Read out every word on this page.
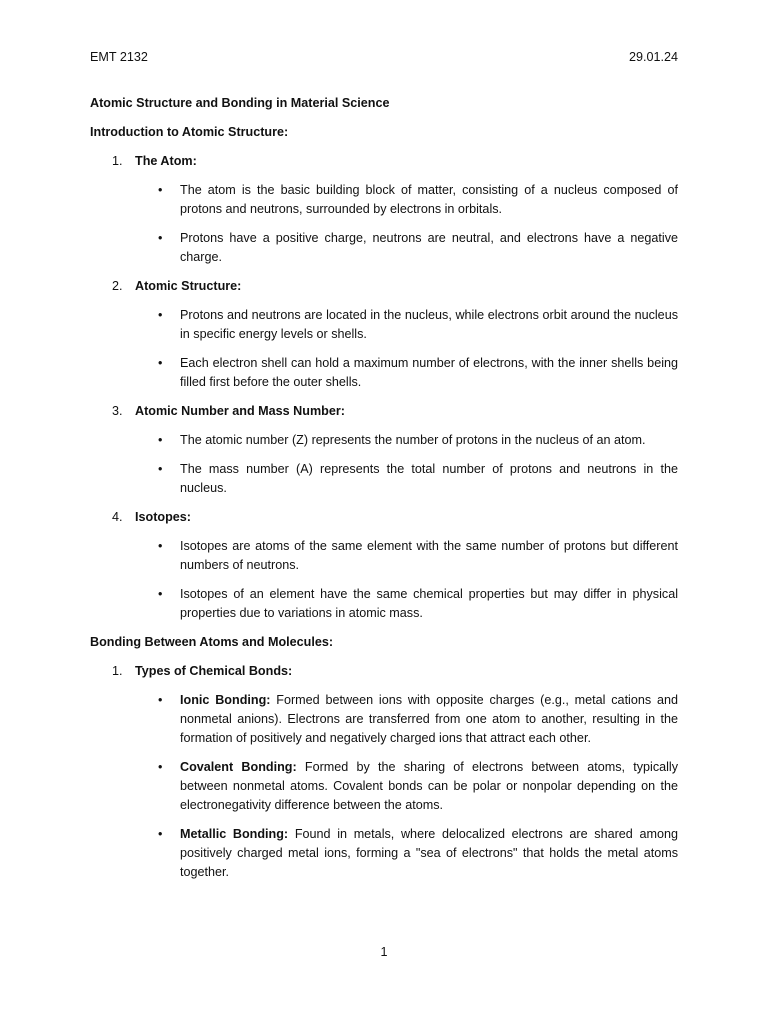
EMT 2132	29.01.24
Atomic Structure and Bonding in Material Science
Introduction to Atomic Structure:
1. The Atom:
• The atom is the basic building block of matter, consisting of a nucleus composed of protons and neutrons, surrounded by electrons in orbitals.
• Protons have a positive charge, neutrons are neutral, and electrons have a negative charge.
2. Atomic Structure:
• Protons and neutrons are located in the nucleus, while electrons orbit around the nucleus in specific energy levels or shells.
• Each electron shell can hold a maximum number of electrons, with the inner shells being filled first before the outer shells.
3. Atomic Number and Mass Number:
• The atomic number (Z) represents the number of protons in the nucleus of an atom.
• The mass number (A) represents the total number of protons and neutrons in the nucleus.
4. Isotopes:
• Isotopes are atoms of the same element with the same number of protons but different numbers of neutrons.
• Isotopes of an element have the same chemical properties but may differ in physical properties due to variations in atomic mass.
Bonding Between Atoms and Molecules:
1. Types of Chemical Bonds:
• Ionic Bonding: Formed between ions with opposite charges (e.g., metal cations and nonmetal anions). Electrons are transferred from one atom to another, resulting in the formation of positively and negatively charged ions that attract each other.
• Covalent Bonding: Formed by the sharing of electrons between atoms, typically between nonmetal atoms. Covalent bonds can be polar or nonpolar depending on the electronegativity difference between the atoms.
• Metallic Bonding: Found in metals, where delocalized electrons are shared among positively charged metal ions, forming a "sea of electrons" that holds the metal atoms together.
1
